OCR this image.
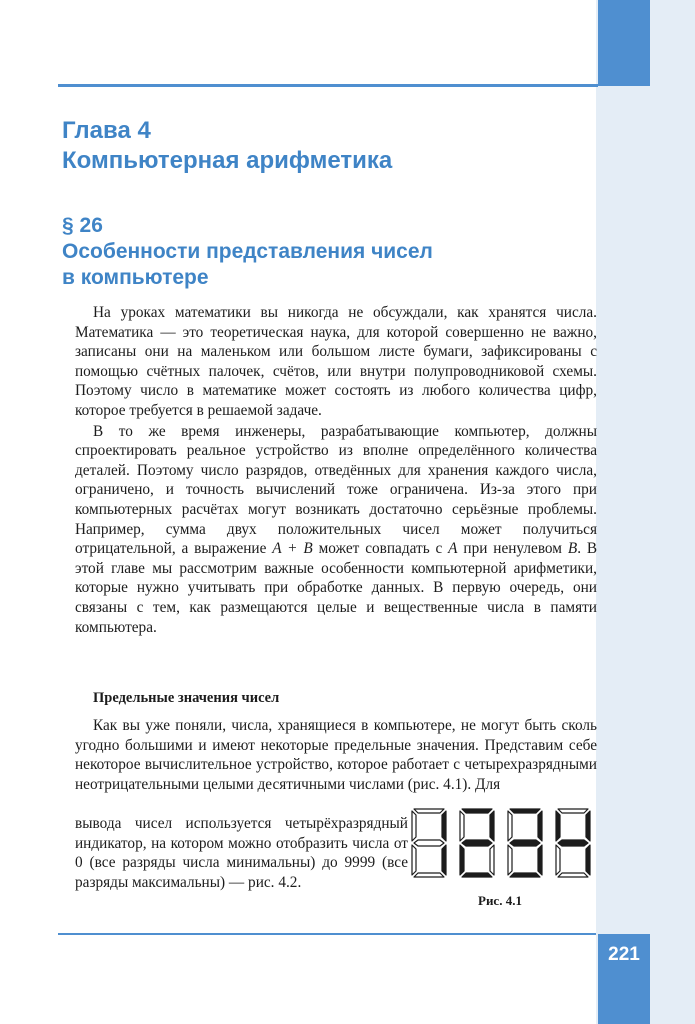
Глава 4
Компьютерная арифметика
§ 26
Особенности представления чисел
в компьютере

На уроках математики вы никогда не обсуждали, как хранятся числа. Математика — это теоретическая наука, для которой совершенно не важно, записаны они на маленьком или большом листе бумаги, зафиксированы с помощью счётных палочек, счётов, или внутри полупроводниковой схемы. Поэтому число в математике может состоять из любого количества цифр, которое требуется в решаемой задаче.

В то же время инженеры, разрабатывающие компьютер, должны спроектировать реальное устройство из вполне определённого количества деталей. Поэтому число разрядов, отведённых для хранения каждого числа, ограничено, и точность вычислений тоже ограничена. Из-за этого при компьютерных расчётах могут возникать достаточно серьёзные проблемы. Например, сумма двух положительных чисел может получиться отрицательной, а выражение A + B может совпадать с A при ненулевом B. В этой главе мы рассмотрим важные особенности компьютерной арифметики, которые нужно учитывать при обработке данных. В первую очередь, они связаны с тем, как размещаются целые и вещественные числа в памяти компьютера.

Предельные значения чисел

Как вы уже поняли, числа, хранящиеся в компьютере, не могут быть сколь угодно большими и имеют некоторые предельные значения. Представим себе некоторое вычислительное устройство, которое работает с четырехразрядными неотрицательными целыми десятичными числами (рис. 4.1). Для

вывода чисел используется четырёхразрядный индикатор, на котором можно отобразить числа от 0 (все разряды числа минимальны) до 9999 (все разряды максимальны) — рис. 4.2.

Рис. 4.1
221
